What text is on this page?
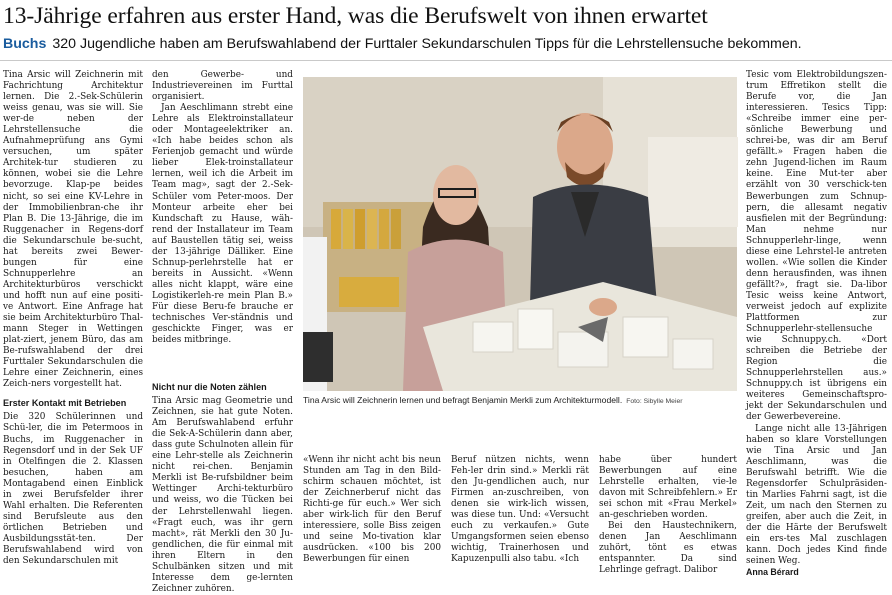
13-Jährige erfahren aus erster Hand, was die Berufswelt von ihnen erwartet
Buchs 320 Jugendliche haben am Berufswahlabend der Furttaler Sekundarschulen Tipps für die Lehrstellensuche bekommen.

Tina Arsic will Zeichnerin mit Fachrichtung Architektur lernen. Die 2.-Sek-Schülerin weiss genau, was sie will. Sie wer-de neben der Lehrstellensuche die Aufnahmeprüfung ans Gymi versuchen, um später Architek-tur studieren zu können, wobei sie die Lehre bevorzuge. Klap-pe beides nicht, so sei eine KV-Lehre in der Immobilienbran-che ihr Plan B. Die 13-Jährige, die im Ruggenacher in Regens-dorf die Sekundarschule be-sucht, hat bereits zwei Bewer-bungen für eine Schnupperlehre an Architekturbüros verschickt und hofft nun auf eine positi-ve Antwort. Eine Anfrage hat sie beim Architekturbüro Thal-mann Steger in Wettingen plat-ziert, jenem Büro, das am Be-rufswahlabend der drei Furttaler Sekundarschulen die Lehre einer Zeichnerin, eines Zeich-ners vorgestellt hat.

Erster Kontakt mit Betrieben

Die 320 Schülerinnen und Schü-ler, die im Petermoos in Buchs, im Ruggenacher in Regensdorf und in der Sek UF in Otelfingen die 2. Klassen besuchen, haben am Montagabend einen Einblick in zwei Berufsfelder ihrer Wahl erhalten. Die Referenten sind Berufsleute aus den örtlichen Betrieben und Ausbildungsstät-ten. Der Berufswahlabend wird von den Sekundarschulen mit

den Gewerbe- und Industrievereinen im Furttal organisiert.

Jan Aeschlimann strebt eine Lehre als Elektroinstallateur oder Montageelektriker an. «Ich habe beides schon als Ferienjob gemacht und würde lieber Elek-troinstallateur lernen, weil ich die Arbeit im Team mag», sagt der 2.-Sek-Schüler vom Peter-moos. Der Monteur arbeite eher bei Kundschaft zu Hause, wäh-rend der Installateur im Team auf Baustellen tätig sei, weiss der 13-jährige Dälliker. Eine Schnup-perlehrstelle hat er bereits in Aussicht. «Wenn alles nicht klappt, wäre eine Logistikerleh-re mein Plan B.» Für diese Beru-fe brauche er technisches Ver-ständnis und geschickte Finger, was er beides mitbringe.

Nicht nur die Noten zählen

Tina Arsic mag Geometrie und Zeichnen, sie hat gute Noten. Am Berufswahlabend erfuhr die Sek-A-Schülerin dann aber, dass gute Schulnoten allein für eine Lehr-stelle als Zeichnerin nicht rei-chen. Benjamin Merkli ist Be-rufsbildner beim Wettinger Archi-tekturbüro und weiss, wo die Tücken bei der Lehrstellenwahl liegen. «Fragt euch, was ihr gern macht», rät Merkli den 30 Ju-gendlichen, die für einmal mit ihren Eltern in den Schulbänken sitzen und mit Interesse dem ge-lernten Zeichner zuhören.

Tina Arsic will Zeichnerin lernen und befragt Benjamin Merkli zum Architekturmodell. Foto: Sibylle Meier

«Wenn ihr nicht acht bis neun Stunden am Tag in den Bild-schirm schauen möchtet, ist der Zeichnerberuf nicht das Richti-ge für euch.» Wer sich aber wirk-lich für den Beruf interessiere, solle Biss zeigen und seine Mo-tivation klar ausdrücken. «100 bis 200 Bewerbungen für einen

Beruf nützen nichts, wenn Feh-ler drin sind.» Merkli rät den Ju-gendlichen auch, nur Firmen an-zuschreiben, von denen sie wirk-lich wissen, was diese tun. Und: «Versucht euch zu verkaufen.» Gute Umgangsformen seien ebenso wichtig, Trainerhosen und Kapuzenpulli also tabu. «Ich

habe über hundert Bewerbungen auf eine Lehrstelle erhalten, vie-le davon mit Schreibfehlern.» Er sei schon mit «Frau Merkel» an-geschrieben worden.

Bei den Haustechnikern, denen Jan Aeschlimann zuhört, tönt es etwas entspannter. Da sind Lehrlinge gefragt. Dalibor

Tesic vom Elektrobildungszen-trum Effretikon stellt die Berufe vor, die Jan interessieren. Tesics Tipp: «Schreibe immer eine per-sönliche Bewerbung und schrei-be, was dir am Beruf gefällt.» Fragen haben die zehn Jugend-lichen im Raum keine. Eine Mut-ter aber erzählt von 30 verschick-ten Bewerbungen zum Schnup-pern, die allesamt negativ ausfielen mit der Begründung: Man nehme nur Schnupperlehr-linge, wenn diese eine Lehrstel-le antreten wollen. «Wie sollen die Kinder denn herausfinden, was ihnen gefällt?», fragt sie. Da-libor Tesic weiss keine Antwort, verweist jedoch auf explizite Plattformen zur Schnupperlehr-stellensuche wie Schnuppy.ch. «Dort schreiben die Betriebe der Region die Schnupperlehrstellen aus.» Schnuppy.ch ist übrigens ein weiteres Gemeinschaftspro-jekt der Sekundarschulen und der Gewerbevereine.

Lange nicht alle 13-Jährigen haben so klare Vorstellungen wie Tina Arsic und Jan Aeschlimann, was die Berufswahl betrifft. Wie die Regensdorfer Schulpräsiden-tin Marlies Fahrni sagt, ist die Zeit, um nach den Sternen zu greifen, aber auch die Zeit, in der die Härte der Berufswelt ein ers-tes Mal zuschlagen kann. Doch jedes Kind finde seinen Weg.

Anna Bérard
